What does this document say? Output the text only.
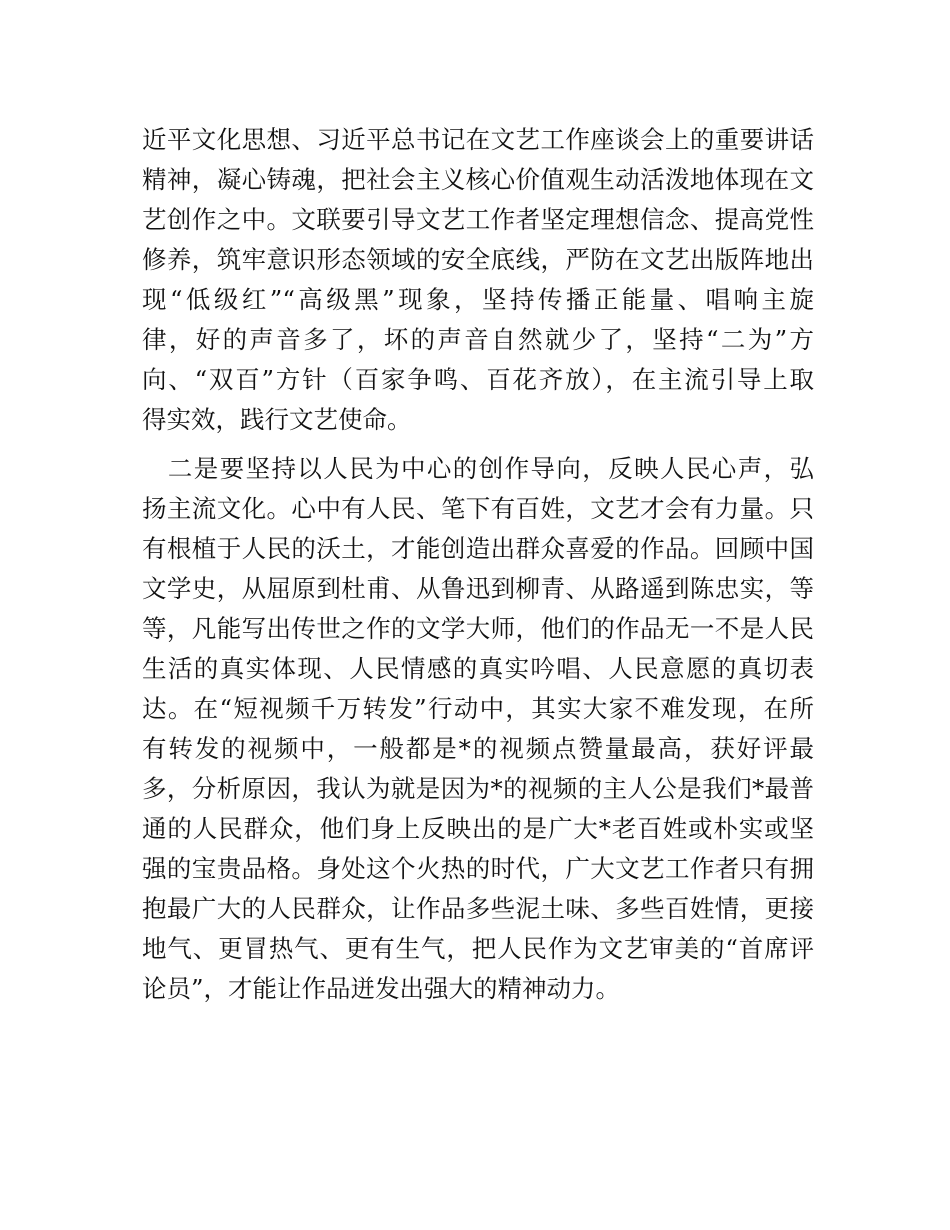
近平文化思想、习近平总书记在文艺工作座谈会上的重要讲话
精神，凝心铸魂，把社会主义核心价值观生动活泼地体现在文
艺创作之中。文联要引导文艺工作者坚定理想信念、提高党性
修养，筑牢意识形态领域的安全底线，严防在文艺出版阵地出
现“低级红”“高级黑”现象，坚持传播正能量、唱响主旋
律，好的声音多了，坏的声音自然就少了，坚持“二为”方
向、“双百”方针（百家争鸣、百花齐放），在主流引导上取
得实效，践行文艺使命。
　二是要坚持以人民为中心的创作导向，反映人民心声，弘
扬主流文化。心中有人民、笔下有百姓，文艺才会有力量。只
有根植于人民的沃土，才能创造出群众喜爱的作品。回顾中国
文学史，从屈原到杜甫、从鲁迅到柳青、从路遥到陈忠实，等
等，凡能写出传世之作的文学大师，他们的作品无一不是人民
生活的真实体现、人民情感的真实吟唱、人民意愿的真切表
达。在“短视频千万转发”行动中，其实大家不难发现，在所
有转发的视频中，一般都是*的视频点赞量最高，获好评最
多，分析原因，我认为就是因为*的视频的主人公是我们*最普
通的人民群众，他们身上反映出的是广大*老百姓或朴实或坚
强的宝贵品格。身处这个火热的时代，广大文艺工作者只有拥
抱最广大的人民群众，让作品多些泥土味、多些百姓情，更接
地气、更冒热气、更有生气，把人民作为文艺审美的“首席评
论员”，才能让作品迸发出强大的精神动力。
